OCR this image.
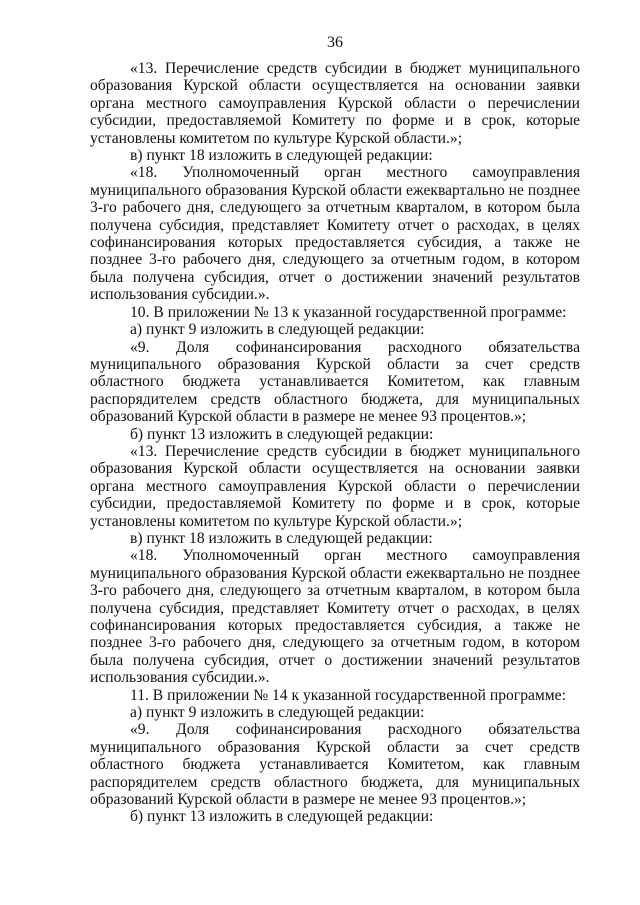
36

«13. Перечисление средств субсидии в бюджет муниципального образования Курской области осуществляется на основании заявки органа местного самоуправления Курской области о перечислении субсидии, предоставляемой Комитету по форме и в срок, которые установлены комитетом по культуре Курской области.»;

в) пункт 18 изложить в следующей редакции:

«18. Уполномоченный орган местного самоуправления муниципального образования Курской области ежеквартально не позднее 3-го рабочего дня, следующего за отчетным кварталом, в котором была получена субсидия, представляет Комитету отчет о расходах, в целях софинансирования которых предоставляется субсидия, а также не позднее 3-го рабочего дня, следующего за отчетным годом, в котором была получена субсидия, отчет о достижении значений результатов использования субсидии.».

10. В приложении № 13 к указанной государственной программе:

а) пункт 9 изложить в следующей редакции:

«9. Доля софинансирования расходного обязательства муниципального образования Курской области за счет средств областного бюджета устанавливается Комитетом, как главным распорядителем средств областного бюджета, для муниципальных образований Курской области в размере не менее 93 процентов.»;

б) пункт 13 изложить в следующей редакции:

«13. Перечисление средств субсидии в бюджет муниципального образования Курской области осуществляется на основании заявки органа местного самоуправления Курской области о перечислении субсидии, предоставляемой Комитету по форме и в срок, которые установлены комитетом по культуре Курской области.»;

в) пункт 18 изложить в следующей редакции:

«18. Уполномоченный орган местного самоуправления муниципального образования Курской области ежеквартально не позднее 3-го рабочего дня, следующего за отчетным кварталом, в котором была получена субсидия, представляет Комитету отчет о расходах, в целях софинансирования которых предоставляется субсидия, а также не позднее 3-го рабочего дня, следующего за отчетным годом, в котором была получена субсидия, отчет о достижении значений результатов использования субсидии.».

11. В приложении № 14 к указанной государственной программе:

а) пункт 9 изложить в следующей редакции:

«9. Доля софинансирования расходного обязательства муниципального образования Курской области за счет средств областного бюджета устанавливается Комитетом, как главным распорядителем средств областного бюджета, для муниципальных образований Курской области в размере не менее 93 процентов.»;

б) пункт 13 изложить в следующей редакции:
